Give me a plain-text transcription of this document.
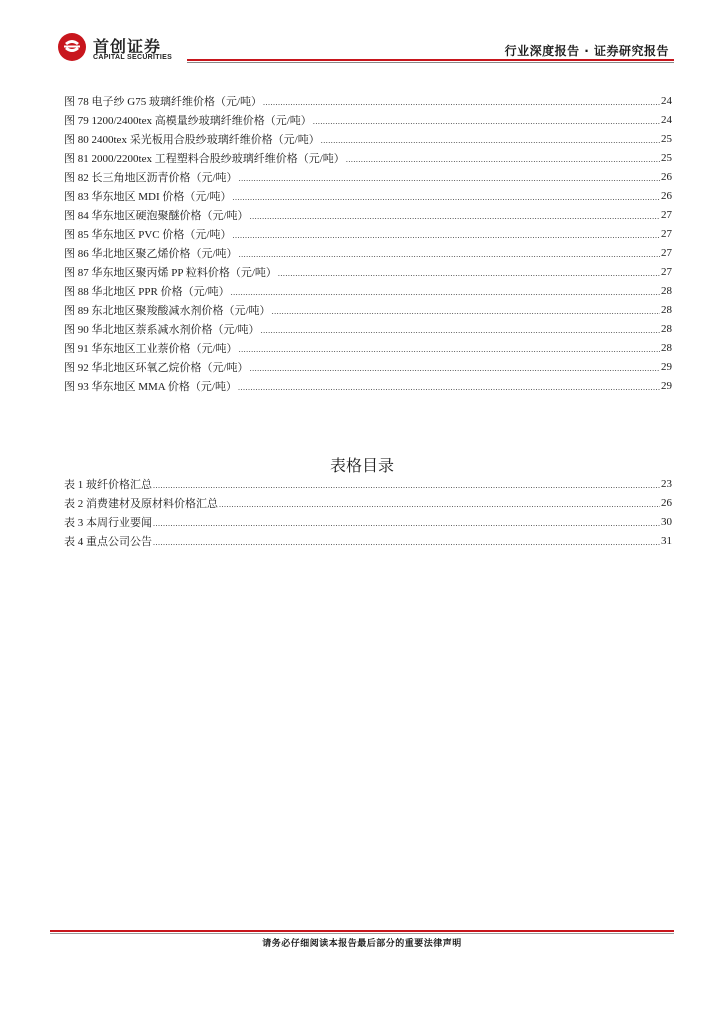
首创证券
CAPITAL SECURITIES	行业深度报告 · 证券研究报告
图 78 电子纱 G75 玻璃纤维价格（元/吨） .....	24
图 79 1200/2400tex 高模量纱玻璃纤维价格（元/吨） .....	24
图 80 2400tex 采光板用合股纱玻璃纤维价格（元/吨） .....	25
图 81 2000/2200tex 工程塑料合股纱玻璃纤维价格（元/吨） .....	25
图 82 长三角地区沥青价格（元/吨） .....	26
图 83 华东地区 MDI 价格（元/吨） .....	26
图 84 华东地区硬泡聚醚价格（元/吨） .....	27
图 85 华东地区 PVC 价格（元/吨） .....	27
图 86 华北地区聚乙烯价格（元/吨） .....	27
图 87 华东地区聚丙烯 PP 粒料价格（元/吨） .....	27
图 88 华北地区 PPR 价格（元/吨） .....	28
图 89 东北地区聚羧酸减水剂价格（元/吨） .....	28
图 90 华北地区萘系减水剂价格（元/吨） .....	28
图 91 华东地区工业萘价格（元/吨） .....	28
图 92 华北地区环氧乙烷价格（元/吨） .....	29
图 93 华东地区 MMA 价格（元/吨） .....	29
表格目录
表 1 玻纤价格汇总 .....	23
表 2 消费建材及原材料价格汇总 .....	26
表 3 本周行业要闻 .....	30
表 4 重点公司公告 .....	31
请务必仔细阅读本报告最后部分的重要法律声明
